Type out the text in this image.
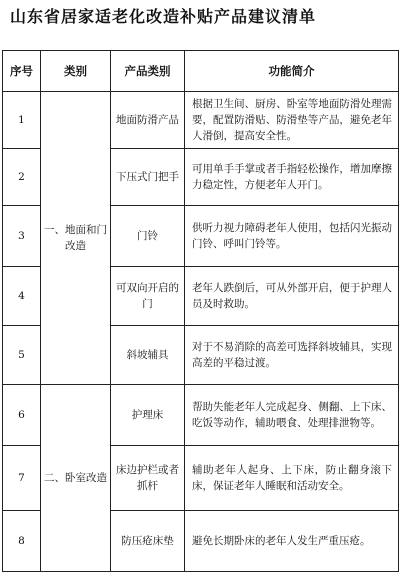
山东省居家适老化改造补贴产品建议清单
序号	类别	产品类别	功能简介
1	一、地面和门改造	地面防滑产品	根据卫生间、厨房、卧室等地面防滑处理需要，配置防滑贴、防滑垫等产品，避免老年人滑倒，提高安全性。
2		下压式门把手	可用单手手掌或者手指轻松操作，增加摩擦力稳定性，方便老年人开门。
3		门铃	供听力视力障碍老年人使用，包括闪光振动门铃、呼叫门铃等。
4		可双向开启的门	老年人跌倒后，可从外部开启，便于护理人员及时救助。
5		斜坡辅具	对于不易消除的高差可选择斜坡辅具，实现高差的平稳过渡。
6	二、卧室改造	护理床	帮助失能老年人完成起身、侧翻、上下床、吃饭等动作，辅助喂食、处理排泄物等。
7		床边护栏或者抓杆	辅助老年人起身、上下床，防止翻身滚下床，保证老年人睡眠和活动安全。
8		防压疮床垫	避免长期卧床的老年人发生严重压疮。
